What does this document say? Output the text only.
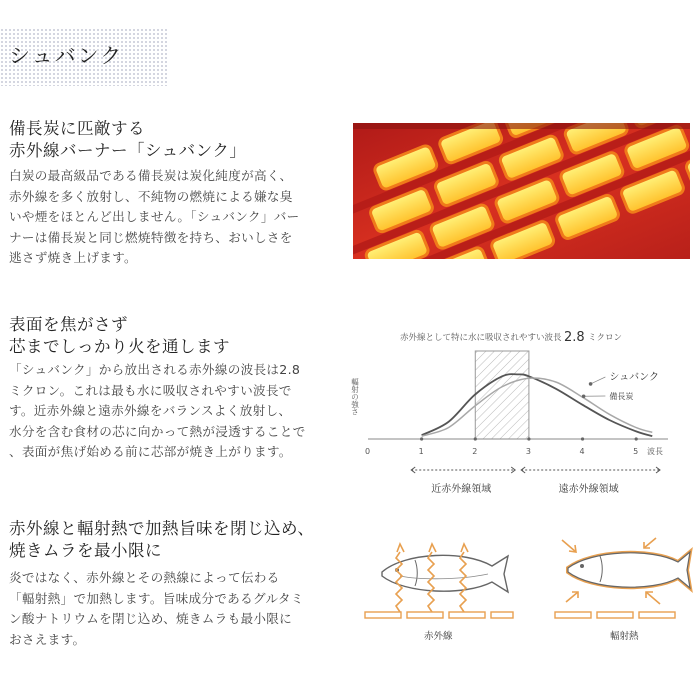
シュバンク
備長炭に匹敵する
赤外線バーナー「シュバンク」
白炭の最高級品である備長炭は炭化純度が高く、
赤外線を多く放射し、不純物の燃焼による嫌な臭
いや煙をほとんど出しません。「シュバンク」バー
ナーは備長炭と同じ燃焼特徴を持ち、おいしさを
逃さず焼き上げます。
表面を焦がさず
芯までしっかり火を通します
「シュバンク」から放出される赤外線の波長は2.8
ミクロン。これは最も水に吸収されやすい波長で
す。近赤外線と遠赤外線をバランスよく放射し、
水分を含む食材の芯に向かって熱が浸透することで
、表面が焦げ始める前に芯部が焼き上がります。
赤外線として特に水に吸収されやすい波長 2.8 ミクロン
輻射の強さ
0	1	2	3	4	5 波長
シュバンク
備長炭
近赤外線領域	遠赤外線領域
赤外線と輻射熱で加熱旨味を閉じ込め、
焼きムラを最小限に
炎ではなく、赤外線とその熱線によって伝わる
「輻射熱」で加熱します。旨味成分であるグルタミ
ン酸ナトリウムを閉じ込め、焼きムラも最小限に
おさえます。	赤外線	輻射熱
